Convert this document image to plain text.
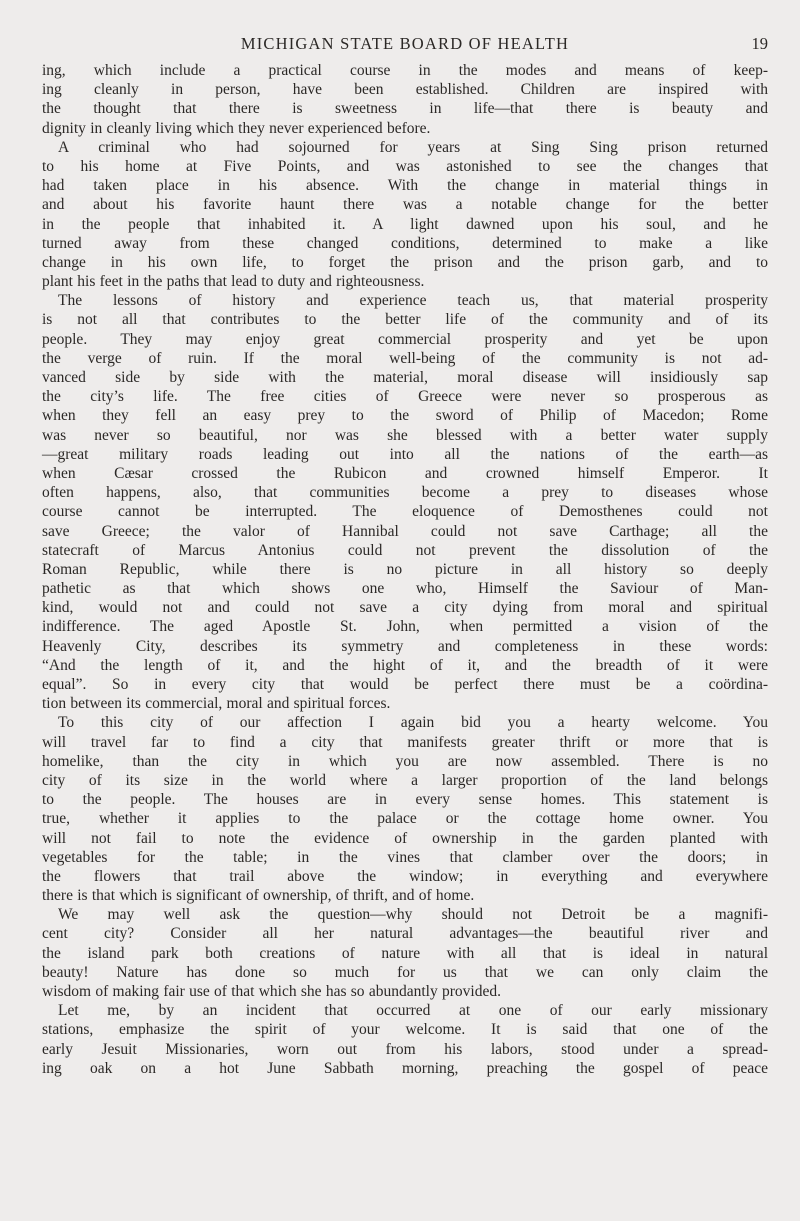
MICHIGAN STATE BOARD OF HEALTH	19
ing, which include a practical course in the modes and means of keep-
ing cleanly in person, have been established. Children are inspired with
the thought that there is sweetness in life—that there is beauty and
dignity in cleanly living which they never experienced before.
A criminal who had sojourned for years at Sing Sing prison returned
to his home at Five Points, and was astonished to see the changes that
had taken place in his absence. With the change in material things in
and about his favorite haunt there was a notable change for the better
in the people that inhabited it. A light dawned upon his soul, and he
turned away from these changed conditions, determined to make a like
change in his own life, to forget the prison and the prison garb, and to
plant his feet in the paths that lead to duty and righteousness.
The lessons of history and experience teach us, that material prosperity
is not all that contributes to the better life of the community and of its
people. They may enjoy great commercial prosperity and yet be upon
the verge of ruin. If the moral well-being of the community is not ad-
vanced side by side with the material, moral disease will insidiously sap
the city’s life. The free cities of Greece were never so prosperous as
when they fell an easy prey to the sword of Philip of Macedon; Rome
was never so beautiful, nor was she blessed with a better water supply
—great military roads leading out into all the nations of the earth—as
when Cæsar crossed the Rubicon and crowned himself Emperor. It
often happens, also, that communities become a prey to diseases whose
course cannot be interrupted. The eloquence of Demosthenes could not
save Greece; the valor of Hannibal could not save Carthage; all the
statecraft of Marcus Antonius could not prevent the dissolution of the
Roman Republic, while there is no picture in all history so deeply
pathetic as that which shows one who, Himself the Saviour of Man-
kind, would not and could not save a city dying from moral and spiritual
indifference. The aged Apostle St. John, when permitted a vision of the
Heavenly City, describes its symmetry and completeness in these words:
“And the length of it, and the hight of it, and the breadth of it were
equal”. So in every city that would be perfect there must be a coördina-
tion between its commercial, moral and spiritual forces.
To this city of our affection I again bid you a hearty welcome. You
will travel far to find a city that manifests greater thrift or more that is
homelike, than the city in which you are now assembled. There is no
city of its size in the world where a larger proportion of the land belongs
to the people. The houses are in every sense homes. This statement is
true, whether it applies to the palace or the cottage home owner. You
will not fail to note the evidence of ownership in the garden planted with
vegetables for the table; in the vines that clamber over the doors; in
the flowers that trail above the window; in everything and everywhere
there is that which is significant of ownership, of thrift, and of home.
We may well ask the question—why should not Detroit be a magnifi-
cent city? Consider all her natural advantages—the beautiful river and
the island park both creations of nature with all that is ideal in natural
beauty! Nature has done so much for us that we can only claim the
wisdom of making fair use of that which she has so abundantly provided.
Let me, by an incident that occurred at one of our early missionary
stations, emphasize the spirit of your welcome. It is said that one of the
early Jesuit Missionaries, worn out from his labors, stood under a spread-
ing oak on a hot June Sabbath morning, preaching the gospel of peace
